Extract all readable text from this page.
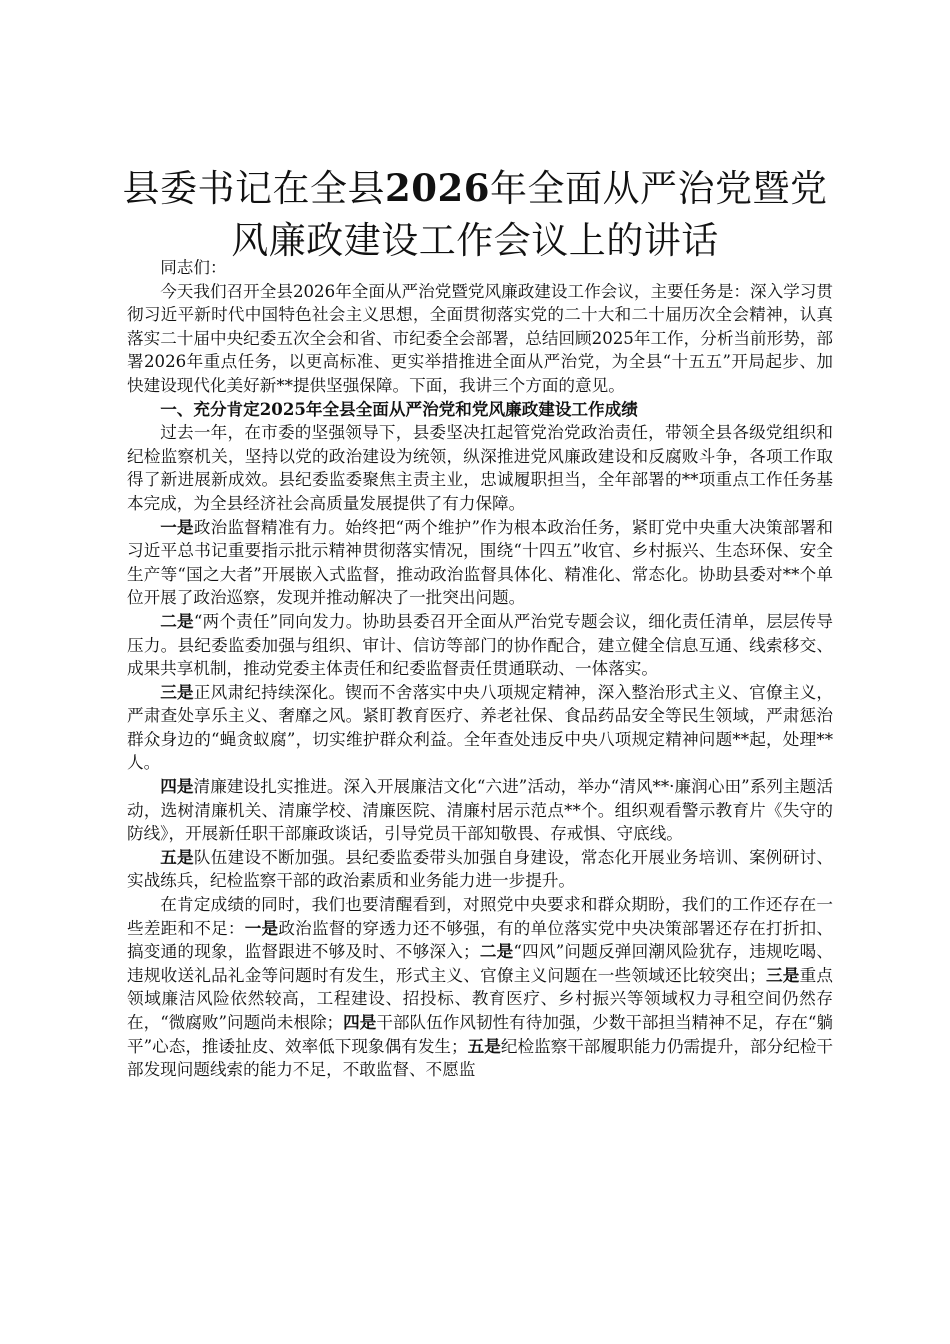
县委书记在全县2026年全面从严治党暨党风廉政建设工作会议上的讲话

同志们：

今天我们召开全县2026年全面从严治党暨党风廉政建设工作会议，主要任务是：深入学习贯彻习近平新时代中国特色社会主义思想，全面贯彻落实党的二十大和二十届历次全会精神，认真落实二十届中央纪委五次全会和省、市纪委全会部署，总结回顾2025年工作，分析当前形势，部署2026年重点任务，以更高标准、更实举措推进全面从严治党，为全县“十五五”开局起步、加快建设现代化美好新**提供坚强保障。下面，我讲三个方面的意见。

一、充分肯定2025年全县全面从严治党和党风廉政建设工作成绩

过去一年，在市委的坚强领导下，县委坚决扛起管党治党政治责任，带领全县各级党组织和纪检监察机关，坚持以党的政治建设为统领，纵深推进党风廉政建设和反腐败斗争，各项工作取得了新进展新成效。县纪委监委聚焦主责主业，忠诚履职担当，全年部署的**项重点工作任务基本完成，为全县经济社会高质量发展提供了有力保障。

一是政治监督精准有力。始终把“两个维护”作为根本政治任务，紧盯党中央重大决策部署和习近平总书记重要指示批示精神贯彻落实情况，围绕“十四五”收官、乡村振兴、生态环保、安全生产等“国之大者”开展嵌入式监督，推动政治监督具体化、精准化、常态化。协助县委对**个单位开展了政治巡察，发现并推动解决了一批突出问题。

二是“两个责任”同向发力。协助县委召开全面从严治党专题会议，细化责任清单，层层传导压力。县纪委监委加强与组织、审计、信访等部门的协作配合，建立健全信息互通、线索移交、成果共享机制，推动党委主体责任和纪委监督责任贯通联动、一体落实。

三是正风肃纪持续深化。锲而不舍落实中央八项规定精神，深入整治形式主义、官僚主义，严肃查处享乐主义、奢靡之风。紧盯教育医疗、养老社保、食品药品安全等民生领域，严肃惩治群众身边的“蝇贪蚁腐”，切实维护群众利益。全年查处违反中央八项规定精神问题**起，处理**人。

四是清廉建设扎实推进。深入开展廉洁文化“六进”活动，举办“清风**·廉润心田”系列主题活动，选树清廉机关、清廉学校、清廉医院、清廉村居示范点**个。组织观看警示教育片《失守的防线》，开展新任职干部廉政谈话，引导党员干部知敬畏、存戒惧、守底线。

五是队伍建设不断加强。县纪委监委带头加强自身建设，常态化开展业务培训、案例研讨、实战练兵，纪检监察干部的政治素质和业务能力进一步提升。

在肯定成绩的同时，我们也要清醒看到，对照党中央要求和群众期盼，我们的工作还存在一些差距和不足：一是政治监督的穿透力还不够强，有的单位落实党中央决策部署还存在打折扣、搞变通的现象，监督跟进不够及时、不够深入；二是“四风”问题反弹回潮风险犹存，违规吃喝、违规收送礼品礼金等问题时有发生，形式主义、官僚主义问题在一些领域还比较突出；三是重点领域廉洁风险依然较高，工程建设、招投标、教育医疗、乡村振兴等领域权力寻租空间仍然存在，“微腐败”问题尚未根除；四是干部队伍作风韧性有待加强，少数干部担当精神不足，存在“躺平”心态，推诿扯皮、效率低下现象偶有发生；五是纪检监察干部履职能力仍需提升，部分纪检干部发现问题线索的能力不足，不敢监督、不愿监
